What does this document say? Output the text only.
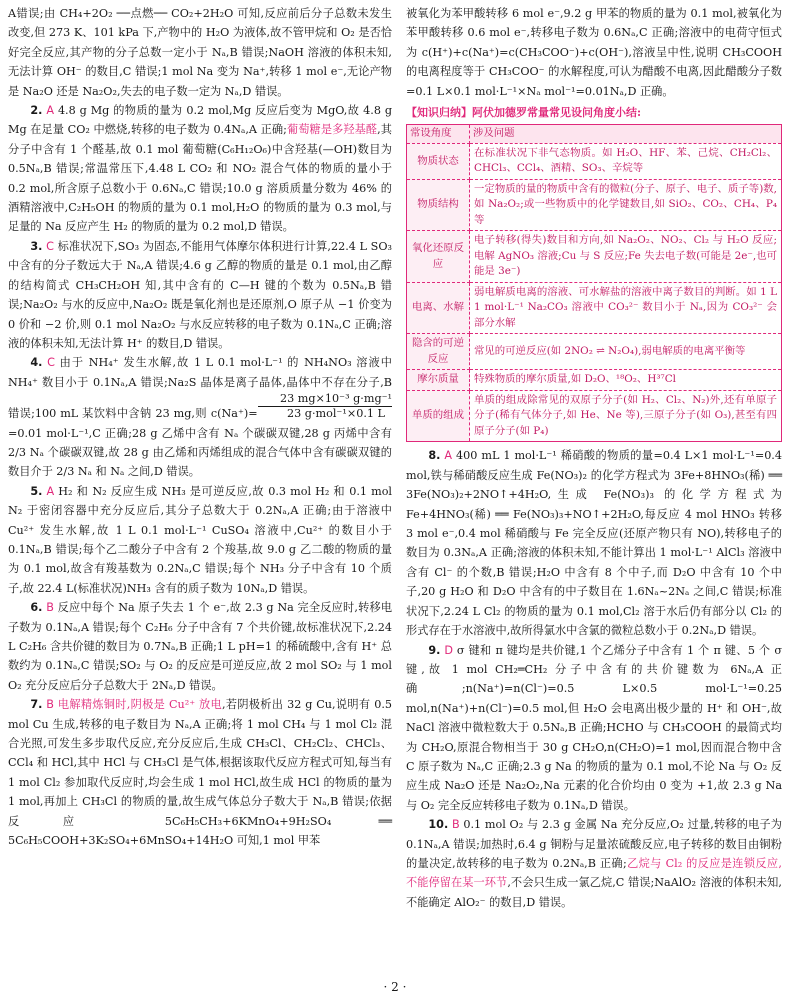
A错误;由 CH₄+2O₂ ──点燃── CO₂+2H₂O 可知,反应前后分子总数未发生改变,但 273 K、101 kPa 下,产物中的 H₂O 为液体,故不管甲烷和 O₂ 是否恰好完全反应,其产物的分子总数一定小于 Nₐ,B 错误;NaOH 溶液的体积未知,无法计算 OH⁻ 的数目,C 错误;1 mol Na 变为 Na⁺,转移 1 mol e⁻,无论产物是 Na₂O 还是 Na₂O₂,失去的电子数一定为 Nₐ,D 错误。

2. A 4.8 g Mg 的物质的量为 0.2 mol,Mg 反应后变为 MgO,故 4.8 g Mg 在足量 CO₂ 中燃烧,转移的电子数为 0.4Nₐ,A 正确;葡萄糖是多羟基醛,其分子中含有 1 个醛基,故 0.1 mol 葡萄糖(C₆H₁₂O₆)中含羟基(—OH)数目为 0.5Nₐ,B 错误;常温常压下,4.48 L CO₂ 和 NO₂ 混合气体的物质的量小于 0.2 mol,所含原子总数小于 0.6Nₐ,C 错误;10.0 g 溶质质量分数为 46% 的酒精溶液中,C₂H₅OH 的物质的量为 0.1 mol,H₂O 的物质的量为 0.3 mol,与足量的 Na 反应产生 H₂ 的物质的量为 0.2 mol,D 错误。

3. C 标准状况下,SO₃ 为固态,不能用气体摩尔体积进行计算,22.4 L SO₃ 中含有的分子数远大于 Nₐ,A 错误;4.6 g 乙醇的物质的量是 0.1 mol,由乙醇的结构简式 CH₃CH₂OH 知,其中含有的 C—H 键的个数为 0.5Nₐ,B 错误;Na₂O₂ 与水的反应中,Na₂O₂ 既是氧化剂也是还原剂,O 原子从 −1 价变为 0 价和 −2 价,则 0.1 mol Na₂O₂ 与水反应转移的电子数为 0.1Nₐ,C 正确;溶液的体积未知,无法计算 H⁺ 的数目,D 错误。

4. C 由于 NH₄⁺ 发生水解,故 1 L 0.1 mol·L⁻¹ 的 NH₄NO₃ 溶液中 NH₄⁺ 数目小于 0.1Nₐ,A 错误;Na₂S 晶体是离子晶体,晶体中不存在分子,B 错误;100 mL 某饮料中含钠 23 mg,则 c(Na⁺)=
23 mg×10⁻³ g·mg⁻¹
23 g·mol⁻¹×0.1 L
=0.01 mol·L⁻¹,C 正确;28 g 乙烯中含有 Nₐ 个碳碳双键,28 g 丙烯中含有 2/3 Nₐ 个碳碳双键,故 28 g 由乙烯和丙烯组成的混合气体中含有碳碳双键的数目介于 2/3 Nₐ 和 Nₐ 之间,D 错误。

5. A H₂ 和 N₂ 反应生成 NH₃ 是可逆反应,故 0.3 mol H₂ 和 0.1 mol N₂ 于密闭容器中充分反应后,其分子总数大于 0.2Nₐ,A 正确;由于溶液中 Cu²⁺ 发生水解,故 1 L 0.1 mol·L⁻¹ CuSO₄ 溶液中,Cu²⁺ 的数目小于 0.1Nₐ,B 错误;每个乙二酸分子中含有 2 个羧基,故 9.0 g 乙二酸的物质的量为 0.1 mol,故含有羧基数为 0.2Nₐ,C 错误;每个 NH₃ 分子中含有 10 个质子,故 22.4 L(标准状况)NH₃ 含有的质子数为 10Nₐ,D 错误。

6. B 反应中每个 Na 原子失去 1 个 e⁻,故 2.3 g Na 完全反应时,转移电子数为 0.1Nₐ,A 错误;每个 C₂H₆ 分子中含有 7 个共价键,故标准状况下,2.24 L C₂H₆ 含共价键的数目为 0.7Nₐ,B 正确;1 L pH=1 的稀硫酸中,含有 H⁺ 总数约为 0.1Nₐ,C 错误;SO₂ 与 O₂ 的反应是可逆反应,故 2 mol SO₂ 与 1 mol O₂ 充分反应后分子总数大于 2Nₐ,D 错误。

7. B 电解精炼铜时,阴极是 Cu²⁺ 放电,若阴极析出 32 g Cu,说明有 0.5 mol Cu 生成,转移的电子数目为 Nₐ,A 正确;将 1 mol CH₄ 与 1 mol Cl₂ 混合光照,可发生多步取代反应,充分反应后,生成 CH₃Cl、CH₂Cl₂、CHCl₃、CCl₄ 和 HCl,其中 HCl 与 CH₃Cl 是气体,根据该取代反应方程式可知,每当有 1 mol Cl₂ 参加取代反应时,均会生成 1 mol HCl,故生成 HCl 的物质的量为 1 mol,再加上 CH₃Cl 的物质的量,故生成气体总分子数大于 Nₐ,B 错误;依据反应 5C₆H₅CH₃+6KMnO₄+9H₂SO₄ ══ 5C₆H₅COOH+3K₂SO₄+6MnSO₄+14H₂O 可知,1 mol 甲苯

被氧化为苯甲酸转移 6 mol e⁻,9.2 g 甲苯的物质的量为 0.1 mol,被氧化为苯甲酸转移 0.6 mol e⁻,转移电子数为 0.6Nₐ,C 正确;溶液中的电荷守恒式为 c(H⁺)+c(Na⁺)=c(CH₃COO⁻)+c(OH⁻),溶液呈中性,说明 CH₃COOH 的电离程度等于 CH₃COO⁻ 的水解程度,可认为醋酸不电离,因此醋酸分子数=0.1 L×0.1 mol·L⁻¹×Nₐ mol⁻¹=0.01Nₐ,D 正确。

【知识归纳】阿伏加德罗常量常见设问角度小结:

常设角度	涉及问题
物质状态	在标准状况下非气态物质。如 H₂O、HF、苯、己烷、CH₂Cl₂、CHCl₃、CCl₄、酒精、SO₃、辛烷等
物质结构	一定物质的量的物质中含有的微粒(分子、原子、电子、质子等)数,如 Na₂O₂;或一些物质中的化学键数目,如 SiO₂、CO₂、CH₄、P₄ 等
氧化还原反应	电子转移(得失)数目和方向,如 Na₂O₂、NO₂、Cl₂ 与 H₂O 反应;电解 AgNO₃ 溶液;Cu 与 S 反应;Fe 失去电子数(可能是 2e⁻,也可能是 3e⁻)
电离、水解	弱电解质电离的溶液、可水解盐的溶液中离子数目的判断。如 1 L 1 mol·L⁻¹ Na₂CO₃ 溶液中 CO₃²⁻ 数目小于 Nₐ,因为 CO₃²⁻ 会部分水解
隐含的可逆反应	常见的可逆反应(如 2NO₂ ⇌ N₂O₄),弱电解质的电离平衡等
摩尔质量	特殊物质的摩尔质量,如 D₂O、¹⁸O₂、H³⁷Cl
单质的组成	单质的组成除常见的双原子分子(如 H₂、Cl₂、N₂)外,还有单原子分子(稀有气体分子,如 He、Ne 等),三原子分子(如 O₃),甚至有四原子分子(如 P₄)

8. A 400 mL 1 mol·L⁻¹ 稀硝酸的物质的量=0.4 L×1 mol·L⁻¹=0.4 mol,铁与稀硝酸反应生成 Fe(NO₃)₂ 的化学方程式为 3Fe+8HNO₃(稀) ══ 3Fe(NO₃)₂+2NO↑+4H₂O,生成 Fe(NO₃)₃ 的化学方程式为 Fe+4HNO₃(稀) ══ Fe(NO₃)₃+NO↑+2H₂O,每反应 4 mol HNO₃ 转移 3 mol e⁻,0.4 mol 稀硝酸与 Fe 完全反应(还原产物只有 NO),转移电子的数目为 0.3Nₐ,A 正确;溶液的体积未知,不能计算出 1 mol·L⁻¹ AlCl₃ 溶液中含有 Cl⁻ 的个数,B 错误;H₂O 中含有 8 个中子,而 D₂O 中含有 10 个中子,20 g H₂O 和 D₂O 中含有的中子数目在 1.6Nₐ~2Nₐ 之间,C 错误;标准状况下,2.24 L Cl₂ 的物质的量为 0.1 mol,Cl₂ 溶于水后仍有部分以 Cl₂ 的形式存在于水溶液中,故所得氯水中含氯的微粒总数小于 0.2Nₐ,D 错误。

9. D σ 键和 π 键均是共价键,1 个乙烯分子中含有 1 个 π 键、5 个 σ 键,故 1 mol CH₂═CH₂ 分子中含有的共价键数为 6Nₐ,A 正确;n(Na⁺)=n(Cl⁻)=0.5 L×0.5 mol·L⁻¹=0.25 mol,n(Na⁺)+n(Cl⁻)=0.5 mol,但 H₂O 会电离出极少量的 H⁺ 和 OH⁻,故 NaCl 溶液中微粒数大于 0.5Nₐ,B 正确;HCHO 与 CH₃COOH 的最简式均为 CH₂O,原混合物相当于 30 g CH₂O,n(CH₂O)=1 mol,因而混合物中含 C 原子数为 Nₐ,C 正确;2.3 g Na 的物质的量为 0.1 mol,不论 Na 与 O₂ 反应生成 Na₂O 还是 Na₂O₂,Na 元素的化合价均由 0 变为 +1,故 2.3 g Na 与 O₂ 完全反应转移电子数为 0.1Nₐ,D 错误。

10. B 0.1 mol O₂ 与 2.3 g 金属 Na 充分反应,O₂ 过量,转移的电子为 0.1Nₐ,A 错误;加热时,6.4 g 铜粉与足量浓硫酸反应,电子转移的数目由铜粉的量决定,故转移的电子数为 0.2Nₐ,B 正确;乙烷与 Cl₂ 的反应是连锁反应,不能停留在某一环节,不会只生成一氯乙烷,C 错误;NaAlO₂ 溶液的体积未知,不能确定 AlO₂⁻ 的数目,D 错误。

· 2 ·
